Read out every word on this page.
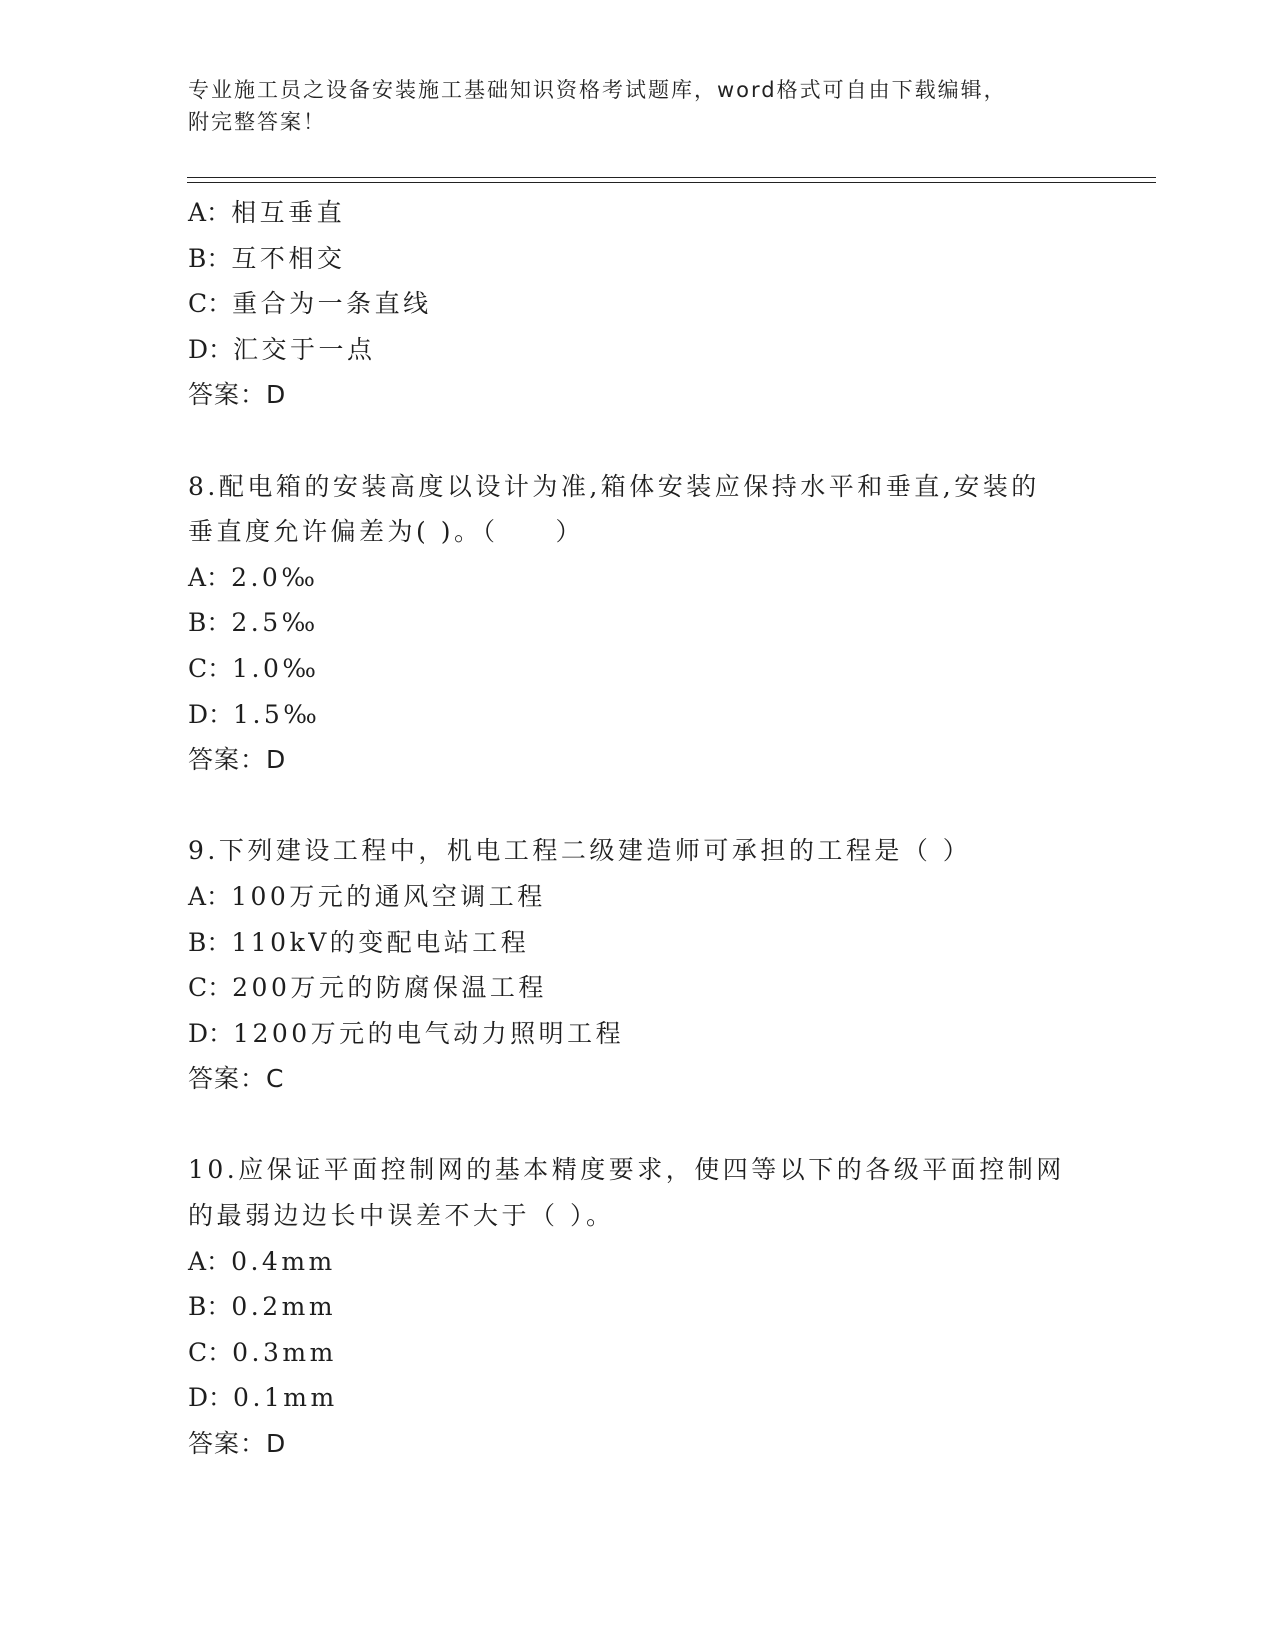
专业施工员之设备安装施工基础知识资格考试题库，word格式可自由下载编辑，
附完整答案！
A：相互垂直
B：互不相交
C：重合为一条直线
D：汇交于一点
答案：D
8.配电箱的安装高度以设计为准,箱体安装应保持水平和垂直,安装的
垂直度允许偏差为( )。（　　）
A：2.0‰
B：2.5‰
C：1.0‰
D：1.5‰
答案：D
9.下列建设工程中，机电工程二级建造师可承担的工程是（ ）
A：100万元的通风空调工程
B：110kV的变配电站工程
C：200万元的防腐保温工程
D：1200万元的电气动力照明工程
答案：C
10.应保证平面控制网的基本精度要求，使四等以下的各级平面控制网
的最弱边边长中误差不大于（ ）。
A：0.4mm
B：0.2mm
C：0.3mm
D：0.1mm
答案：D
